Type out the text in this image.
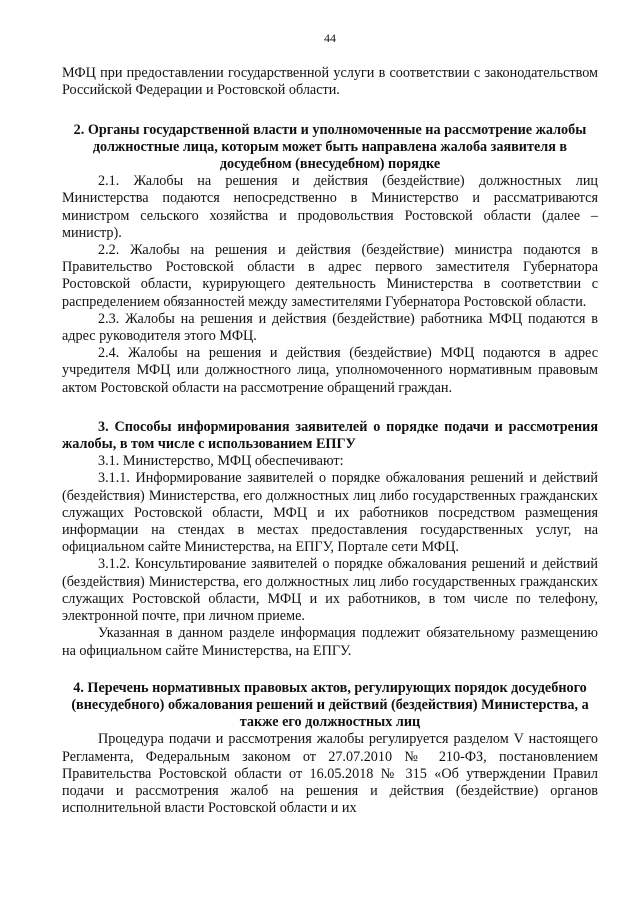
44

МФЦ при предоставлении государственной услуги в соответствии с законодательством Российской Федерации и Ростовской области.

2. Органы государственной власти и уполномоченные на рассмотрение жалобы должностные лица, которым может быть направлена жалоба заявителя в досудебном (внесудебном) порядке

2.1. Жалобы на решения и действия (бездействие) должностных лиц Министерства подаются непосредственно в Министерство и рассматриваются министром сельского хозяйства и продовольствия Ростовской области (далее – министр).

2.2. Жалобы на решения и действия (бездействие) министра подаются в Правительство Ростовской области в адрес первого заместителя Губернатора Ростовской области, курирующего деятельность Министерства в соответствии с распределением обязанностей между заместителями Губернатора Ростовской области.

2.3. Жалобы на решения и действия (бездействие) работника МФЦ подаются в адрес руководителя этого МФЦ.

2.4. Жалобы на решения и действия (бездействие) МФЦ подаются в адрес учредителя МФЦ или должностного лица, уполномоченного нормативным правовым актом Ростовской области на рассмотрение обращений граждан.

3. Способы информирования заявителей о порядке подачи и рассмотрения жалобы, в том числе с использованием ЕПГУ

3.1. Министерство, МФЦ обеспечивают:

3.1.1. Информирование заявителей о порядке обжалования решений и действий (бездействия) Министерства, его должностных лиц либо государственных гражданских служащих Ростовской области, МФЦ и их работников посредством размещения информации на стендах в местах предоставления государственных услуг, на официальном сайте Министерства, на ЕПГУ, Портале сети МФЦ.

3.1.2. Консультирование заявителей о порядке обжалования решений и действий (бездействия) Министерства, его должностных лиц либо государственных гражданских служащих Ростовской области, МФЦ и их работников, в том числе по телефону, электронной почте, при личном приеме.

Указанная в данном разделе информация подлежит обязательному размещению на официальном сайте Министерства, на ЕПГУ.

4. Перечень нормативных правовых актов, регулирующих порядок досудебного (внесудебного) обжалования решений и действий (бездействия) Министерства, а также его должностных лиц

Процедура подачи и рассмотрения жалобы регулируется разделом V настоящего Регламента, Федеральным законом от 27.07.2010 № 210-ФЗ, постановлением Правительства Ростовской области от 16.05.2018 № 315 «Об утверждении Правил подачи и рассмотрения жалоб на решения и действия (бездействие) органов исполнительной власти Ростовской области и их
